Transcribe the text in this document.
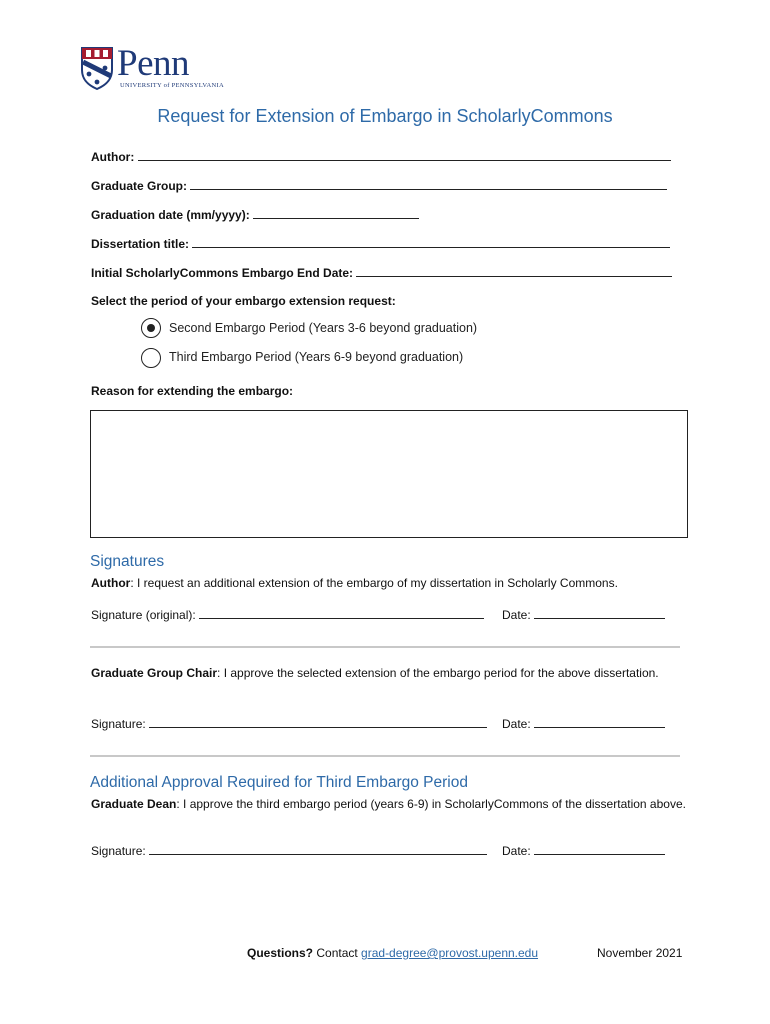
Penn
UNIVERSITY of PENNSYLVANIA
Request for Extension of Embargo in ScholarlyCommons
Author:
Graduate Group:
Graduation date (mm/yyyy):
Dissertation title:
Initial ScholarlyCommons Embargo End Date:
Select the period of your embargo extension request:
Second Embargo Period (Years 3-6 beyond graduation)
Third Embargo Period (Years 6-9 beyond graduation)
Reason for extending the embargo:
Signatures
Author: I request an additional extension of the embargo of my dissertation in Scholarly Commons.
Signature (original):	Date:
Graduate Group Chair: I approve the selected extension of the embargo period for the above dissertation.
Signature:	Date:
Additional Approval Required for Third Embargo Period
Graduate Dean: I approve the third embargo period (years 6-9) in ScholarlyCommons of the dissertation above.
Signature:	Date:
Questions? Contact grad-degree@provost.upenn.edu	November 2021
